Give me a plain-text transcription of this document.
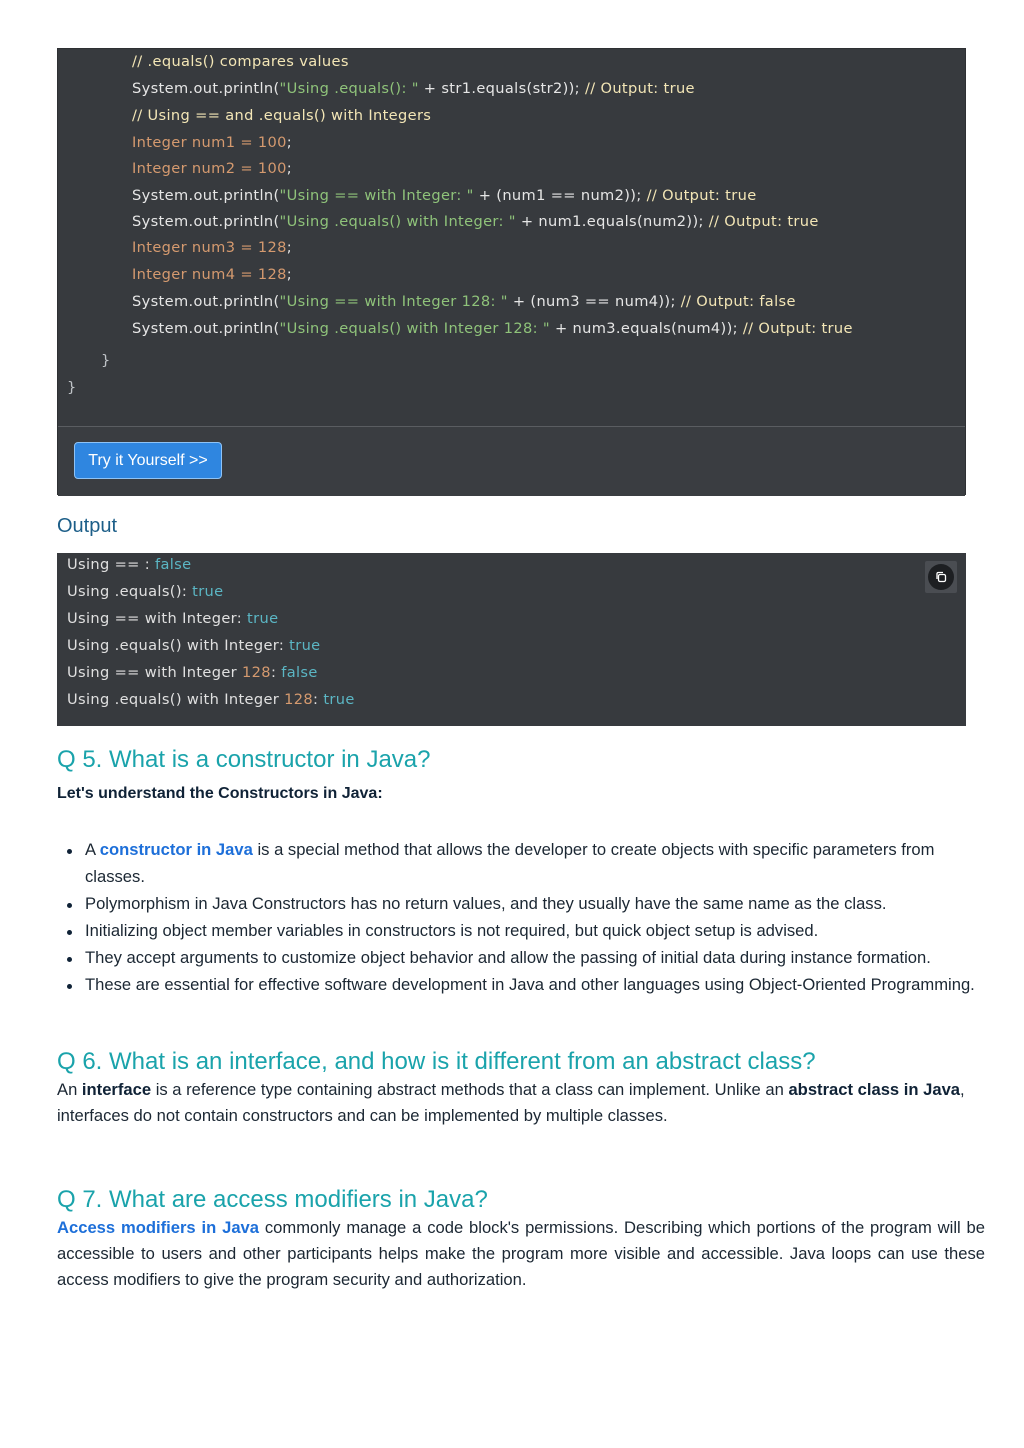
// .equals() compares values
System.out.println("Using .equals(): " + str1.equals(str2)); // Output: true
// Using == and .equals() with Integers
Integer num1 = 100;
Integer num2 = 100;
System.out.println("Using == with Integer: " + (num1 == num2)); // Output: true
System.out.println("Using .equals() with Integer: " + num1.equals(num2)); // Output: true
Integer num3 = 128;
Integer num4 = 128;
System.out.println("Using == with Integer 128: " + (num3 == num4)); // Output: false
System.out.println("Using .equals() with Integer 128: " + num3.equals(num4)); // Output: true
}
}
Try it Yourself >>
Output
Using == : false
Using .equals(): true
Using == with Integer: true
Using .equals() with Integer: true
Using == with Integer 128: false
Using .equals() with Integer 128: true
Q 5. What is a constructor in Java?
Let's understand the Constructors in Java:
A constructor in Java is a special method that allows the developer to create objects with specific parameters from classes.
Polymorphism in Java Constructors has no return values, and they usually have the same name as the class.
Initializing object member variables in constructors is not required, but quick object setup is advised.
They accept arguments to customize object behavior and allow the passing of initial data during instance formation.
These are essential for effective software development in Java and other languages using Object-Oriented Programming.
Q 6. What is an interface, and how is it different from an abstract class?

An interface is a reference type containing abstract methods that a class can implement. Unlike an abstract class in Java, interfaces do not contain constructors and can be implemented by multiple classes.

Q 7. What are access modifiers in Java?

Access modifiers in Java commonly manage a code block's permissions. Describing which portions of the program will be accessible to users and other participants helps make the program more visible and accessible. Java loops can use these access modifiers to give the program security and authorization.
